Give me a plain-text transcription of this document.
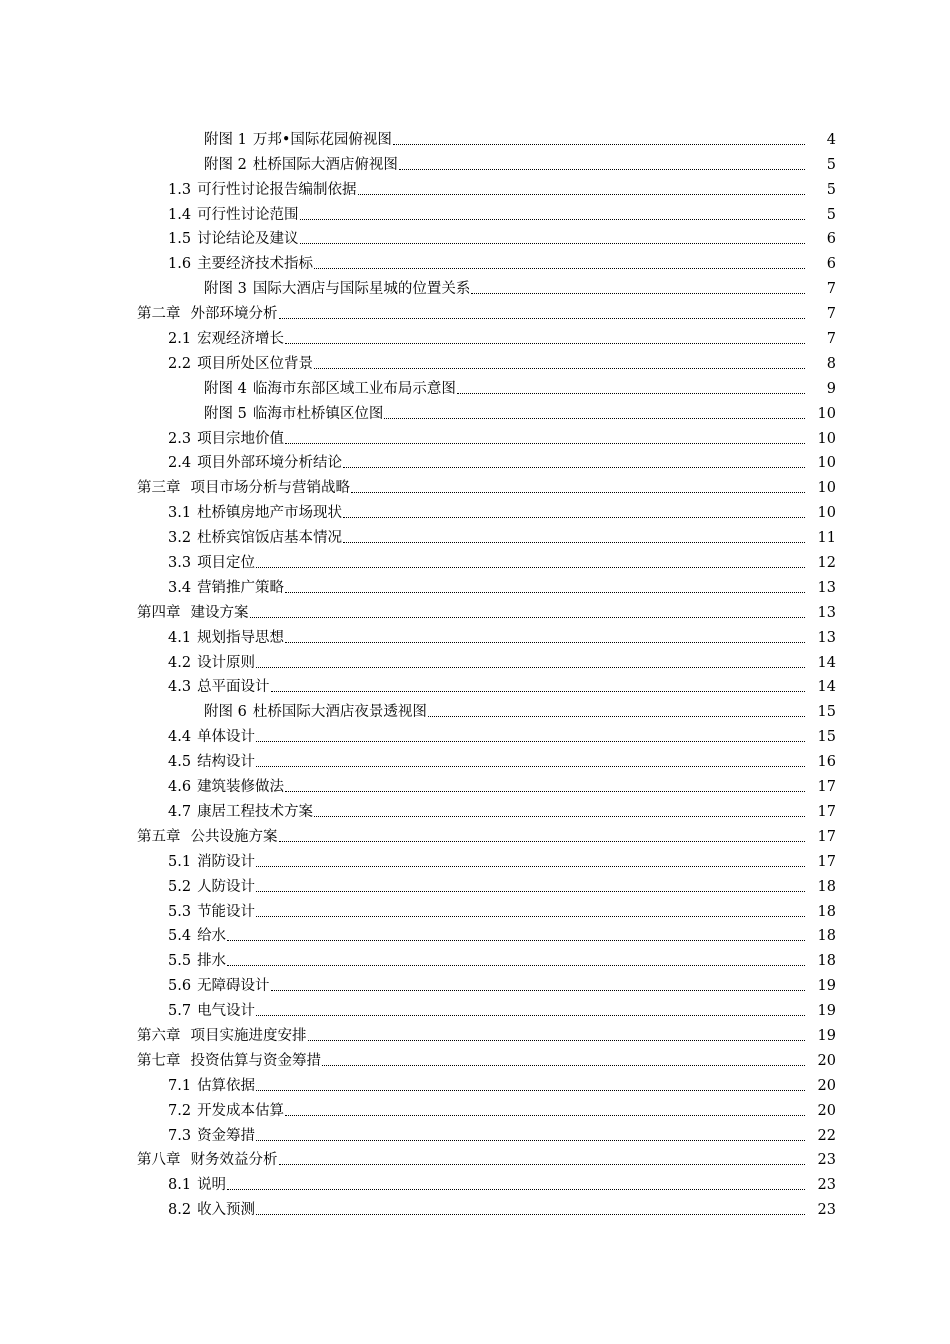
附图 1 万邦•国际花园俯视图	4
附图 2 杜桥国际大酒店俯视图	5
1.3 可行性讨论报告编制依据	5
1.4 可行性讨论范围	5
1.5 讨论结论及建议	6
1.6 主要经济技术指标	6
附图 3 国际大酒店与国际星城的位置关系	7
第二章 外部环境分析	7
2.1 宏观经济增长	7
2.2 项目所处区位背景	8
附图 4 临海市东部区域工业布局示意图	9
附图 5 临海市杜桥镇区位图	10
2.3 项目宗地价值	10
2.4 项目外部环境分析结论	10
第三章 项目市场分析与营销战略	10
3.1 杜桥镇房地产市场现状	10
3.2 杜桥宾馆饭店基本情况	11
3.3 项目定位	12
3.4 营销推广策略	13
第四章 建设方案	13
4.1 规划指导思想	13
4.2 设计原则	14
4.3 总平面设计	14
附图 6 杜桥国际大酒店夜景透视图	15
4.4 单体设计	15
4.5 结构设计	16
4.6 建筑装修做法	17
4.7 康居工程技术方案	17
第五章 公共设施方案	17
5.1 消防设计	17
5.2 人防设计	18
5.3 节能设计	18
5.4 给水	18
5.5 排水	18
5.6 无障碍设计	19
5.7 电气设计	19
第六章 项目实施进度安排	19
第七章 投资估算与资金筹措	20
7.1 估算依据	20
7.2 开发成本估算	20
7.3 资金筹措	22
第八章 财务效益分析	23
8.1 说明	23
8.2 收入预测	23
